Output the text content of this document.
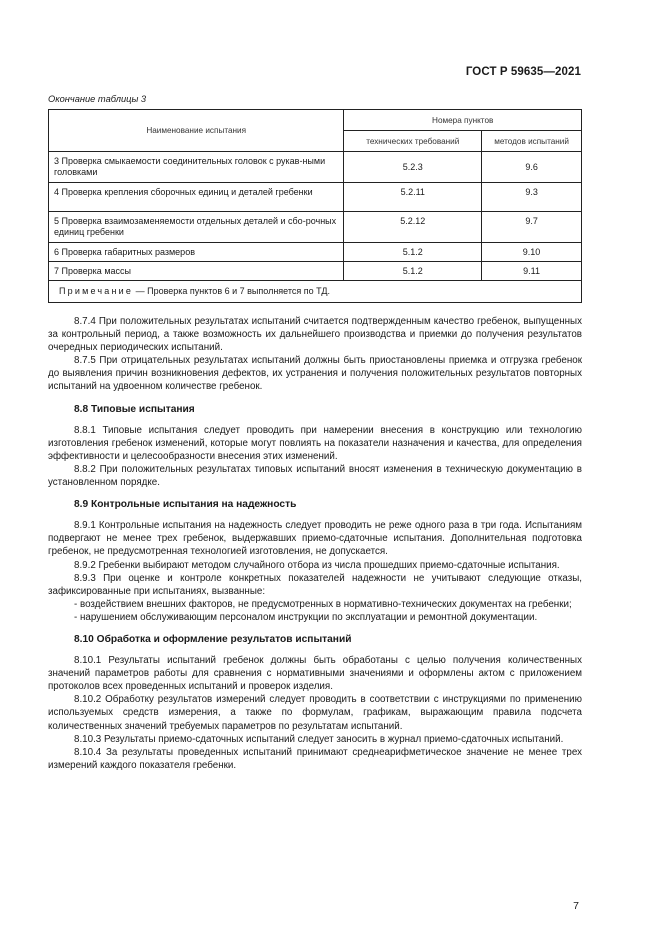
ГОСТ Р 59635—2021
Окончание таблицы 3
Наименование испытания	Номера пунктов	
	технических требований	методов испытаний
3 Проверка смыкаемости соединительных головок с рукав-ными головками	5.2.3	9.6
4 Проверка крепления сборочных единиц и деталей гребенки	5.2.11	9.3
5 Проверка взаимозаменяемости отдельных деталей и сбо-рочных единиц гребенки	5.2.12	9.7
6 Проверка габаритных размеров	5.1.2	9.10
7 Проверка массы	5.1.2	9.11
Примечание — Проверка пунктов 6 и 7 выполняется по ТД.		

8.7.4 При положительных результатах испытаний считается подтвержденным качество гребенок, выпущенных за контрольный период, а также возможность их дальнейшего производства и приемки до получения результатов очередных периодических испытаний.

8.7.5 При отрицательных результатах испытаний должны быть приостановлены приемка и отгрузка гребенок до выявления причин возникновения дефектов, их устранения и получения положительных результатов повторных испытаний на удвоенном количестве гребенок.

8.8 Типовые испытания

8.8.1 Типовые испытания следует проводить при намерении внесения в конструкцию или технологию изготовления гребенок изменений, которые могут повлиять на показатели назначения и качества, для определения эффективности и целесообразности внесения этих изменений.

8.8.2 При положительных результатах типовых испытаний вносят изменения в техническую документацию в установленном порядке.

8.9 Контрольные испытания на надежность

8.9.1 Контрольные испытания на надежность следует проводить не реже одного раза в три года. Испытаниям подвергают не менее трех гребенок, выдержавших приемо-сдаточные испытания. Дополнительная подготовка гребенок, не предусмотренная технологией изготовления, не допускается.

8.9.2 Гребенки выбирают методом случайного отбора из числа прошедших приемо-сдаточные испытания.

8.9.3 При оценке и контроле конкретных показателей надежности не учитывают следующие отказы, зафиксированные при испытаниях, вызванные:

- воздействием внешних факторов, не предусмотренных в нормативно-технических документах на гребенки;

- нарушением обслуживающим персоналом инструкции по эксплуатации и ремонтной документации.

8.10 Обработка и оформление результатов испытаний

8.10.1 Результаты испытаний гребенок должны быть обработаны с целью получения количественных значений параметров работы для сравнения с нормативными значениями и оформлены актом с приложением протоколов всех проведенных испытаний и проверок изделия.

8.10.2 Обработку результатов измерений следует проводить в соответствии с инструкциями по применению используемых средств измерения, а также по формулам, графикам, выражающим правила подсчета количественных значений требуемых параметров по результатам испытаний.

8.10.3 Результаты приемо-сдаточных испытаний следует заносить в журнал приемо-сдаточных испытаний.

8.10.4 За результаты проведенных испытаний принимают среднеарифметическое значение не менее трех измерений каждого показателя гребенки.

7
